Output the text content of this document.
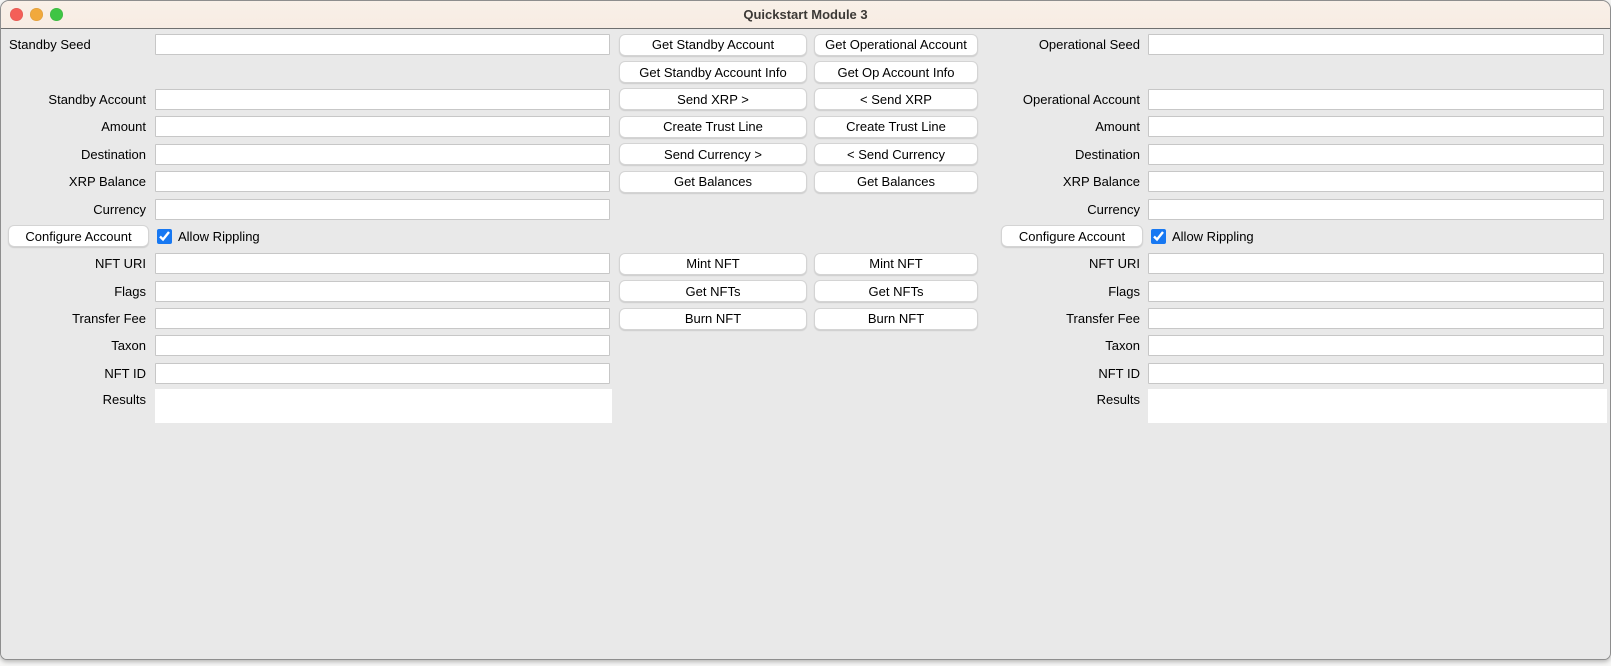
Quickstart Module 3
Standby Seed	Get Standby Account	Get Operational Account	Operational Seed
Get Standby Account Info	Get Op Account Info
Standby Account	Send XRP >	< Send XRP	Operational Account
Amount	Create Trust Line	Create Trust Line	Amount
Destination	Send Currency >	< Send Currency	Destination
XRP Balance	Get Balances	Get Balances	XRP Balance
Currency	Currency
Configure Account	Allow Rippling	Configure Account	Allow Rippling
NFT URI	Mint NFT	Mint NFT	NFT URI
Flags	Get NFTs	Get NFTs	Flags
Transfer Fee	Burn NFT	Burn NFT	Transfer Fee
Taxon	Taxon
NFT ID	NFT ID
Results	Results
